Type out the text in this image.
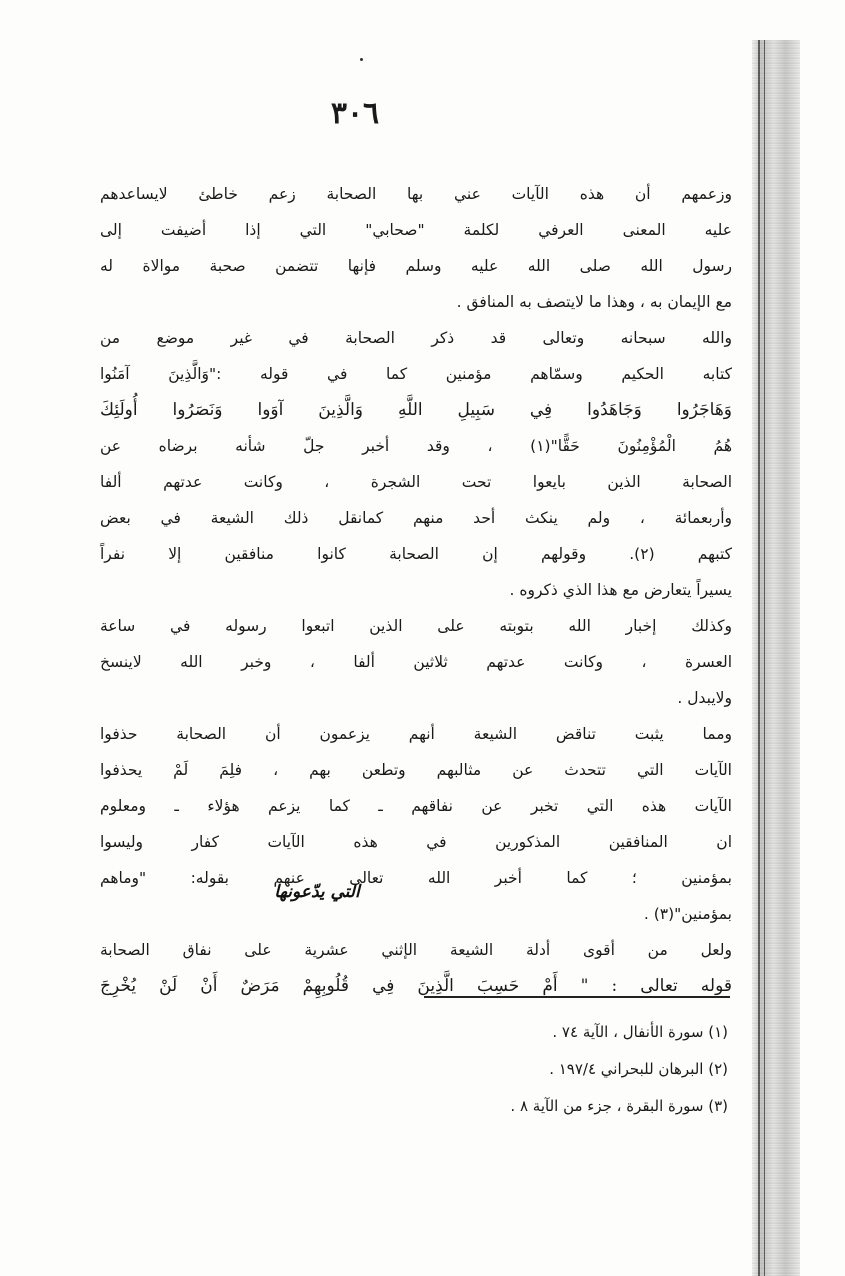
٣٠٦
وزعمهم أن هذه الآيات عني بها الصحابة زعم خاطئ لايساعدهم
عليه المعنى العرفي لكلمة "صحابي" التي إذا أضيفت إلى
رسول الله صلى الله عليه وسلم فإنها تتضمن صحبة موالاة له
مع الإيمان به ، وهذا ما لايتصف به المنافق .
والله سبحانه وتعالى قد ذكر الصحابة في غير موضع من
كتابه الحكيم وسمّاهم مؤمنين كما في قوله :"وَالَّذِينَ آمَنُوا
وَهَاجَرُوا وَجَاهَدُوا فِي سَبِيلِ اللَّهِ وَالَّذِينَ آوَوا وَنَصَرُوا أُولَئِكَ
هُمُ الْمُؤْمِنُونَ حَقًّا"(١) ، وقد أخبر جلّ شأنه برضاه عن
الصحابة الذين بايعوا تحت الشجرة ، وكانت عدتهم ألفا
وأربعمائة ، ولم ينكث أحد منهم كمانقل ذلك الشيعة في بعض
كتبهم (٢). وقولهم إن الصحابة كانوا منافقين إلا نفراً
يسيراً يتعارض مع هذا الذي ذكروه .
وكذلك إخبار الله بتوبته على الذين اتبعوا رسوله في ساعة
العسرة ، وكانت عدتهم ثلاثين ألفا ، وخبر الله لاينسخ
ولايبدل .
ومما يثبت تناقض الشيعة أنهم يزعمون أن الصحابة حذفوا
الآيات التي تتحدث عن مثالبهم وتطعن بهم ، فلِمَ لَمْ يحذفوا
الآيات هذه التي تخبر عن نفاقهم ـ كما يزعم هؤلاء ـ ومعلوم
ان المنافقين المذكورين في هذه الآيات كفار وليسوا
بمؤمنين ؛ كما أخبر الله تعالى عنهم بقوله: "وماهم
بمؤمنين"(٣) .
ولعل من أقوى أدلة الشيعة الإثني عشرية على نفاق الصحابة
قوله تعالى : " أَمْ حَسِبَ الَّذِينَ فِي قُلُوبِهِمْ مَرَضٌ أَنْ لَنْ يُخْرِجَ
التي يدّعونها
(١) سورة الأنفال ، الآية ٧٤ .
(٢) البرهان للبحراني ١٩٧/٤ .
(٣) سورة البقرة ، جزء من الآية ٨ .
